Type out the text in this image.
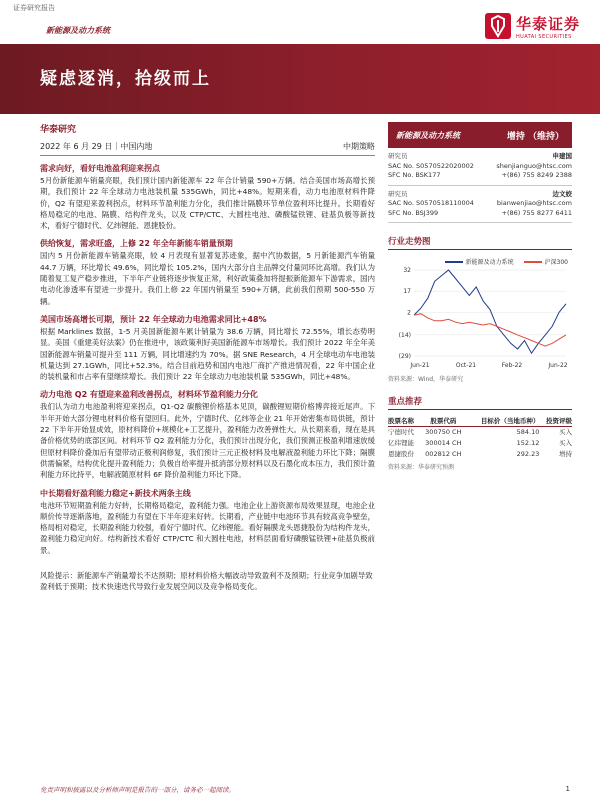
证券研究报告
新能源及动力系统	华泰证券
HUATAI SECURITIES
疑虑逐消，拾级而上
华泰研究
2022 年 6 月 29 日｜中国内地	中期策略
需求向好，看好电池盈利迎来拐点
5月份新能源车销量亮眼，我们预计国内新能源车 22 年合计销量 590+万辆。结合美国市场高增长预期，我们预计 22 年全球动力电池装机量 535GWh，同比+48%。短期来看，动力电池原材料件降价，Q2 有望迎来盈利拐点，材料环节盈利能力分化，我们推计隔膜环节单位盈利环比提升。长期看好格局稳定的电池、隔膜、结构件龙头，以及 CTP/CTC、大圆柱电池、磷酸锰铁锂、硅基负极等新技术，看好宁德时代、亿纬锂能、恩捷股份。
供给恢复，需求旺盛，上修 22 年全年新能车销量预期
国内 5 月份新能源车销量亮眼，较 4 月表现有显著复苏迹象，据中汽协数据，5 月新能源汽车销量 44.7 万辆，环比增长 49.6%，同比增长 105.2%，国内大部分自主品牌交付量同环比高增。我们认为随着复工复产稳步推进，下半年产业链将逐步恢复正常，利好政策叠加将提振新能源车下游需求，国内电动化渗透率有望进一步提升。我们上修 22 年国内销量至 590+万辆，此前我们预期 500-550 万辆。
美国市场高增长可期，预计 22 年全球动力电池需求同比+48%
根据 Marklines 数据，1-5 月美国新能源车累计销量为 38.6 万辆，同比增长 72.55%，增长态势明显。美国《重建美好法案》仍在推进中，该政策利好美国新能源车市场增长。我们预计 2022 年全年美国新能源车销量可提升至 111 万辆，同比增速约为 70%。据 SNE Research，4 月全球电动车电池装机量达到 27.1GWh，同比+52.3%。结合目前趋势和国内电池厂商扩产推进情况看，22 年中国企业的装机量和市占率有望继续增长。我们预计 22 年全球动力电池装机量 535GWh，同比+48%。
动力电池 Q2 有望迎来盈利改善拐点，材料环节盈利能力分化
我们认为动力电池盈利将迎来拐点，Q1-Q2 碳酸锂价格基本见顶，碳酸锂短期价格博弈接近尾声。下半年开始大部分锂电材料价格有望回归。此外，宁德时代、亿纬等企业 21 年开始密集布局供链，预计 22 下半年开始显成效，原材料降价+规模化+工艺提升，盈利能力改善弹性大。从长期来看，现在是具备价格优势的底部区间。材料环节 Q2 盈利能力分化，我们预计出现分化，我们预测正极盈利增速放缓但原材料降价叠加后有望带动正极利润修复，我们预计三元正极材料及电解液盈利能力环比下降；隔膜供需偏紧，结构优化提升盈利能力；负极自给率提升抵消部分原材料以及石墨化成本压力，我们预计盈利能力环比持平，电解液随原材料 6F 降价盈利能力环比下降。
中长期看好盈利能力稳定+新技术两条主线
电池环节短期盈利能力好转，长期格局稳定，盈利能力强。电池企业上游资源布局效果显现，电池企业顺价传导逐渐落地，盈利能力有望在下半年迎来好转。长期看，产业链中电池环节具有较高竞争壁垒，格局相对稳定，长期盈利能力较强，看好宁德时代、亿纬锂能。看好隔膜龙头恩捷股份为结构件龙头，盈利能力稳定向好。结构新技术看好 CTP/CTC 和大圆柱电池，材料层面看好磷酸锰铁锂+硅基负极前景。
风险提示：新能源车产销量增长不达预期；原材料价格大幅波动导致盈利不及预期；行业竞争加剧导致盈利低于预期；技术快速迭代导致行业发展空间以及竞争格局变化。
新能源及动力系统	增持 （维持）
研究员	申建国
SAC No. S0570522020002	shenjianguo@htsc.com
SFC No. BSK177	+(86) 755 8249 2388
研究员	边文姣
SAC No. S0570518110004	bianwenjiao@htsc.com
SFC No. BSJ399	+(86) 755 8277 6411
行业走势图
新能源及动力系统	沪深300
32
17
2
(14)
(29)
Jun-21	Oct-21	Feb-22	Jun-22
资料来源：Wind，华泰研究
重点推荐
股票名称	股票代码	目标价（当地币种）	投资评级
宁德时代	300750 CH	584.10	买入
亿纬锂能	300014 CH	152.12	买入
恩捷股份	002812 CH	292.23	增持
资料来源：华泰研究预测
免责声明和披露以及分析师声明是报告的一部分，请务必一起阅读。	1
